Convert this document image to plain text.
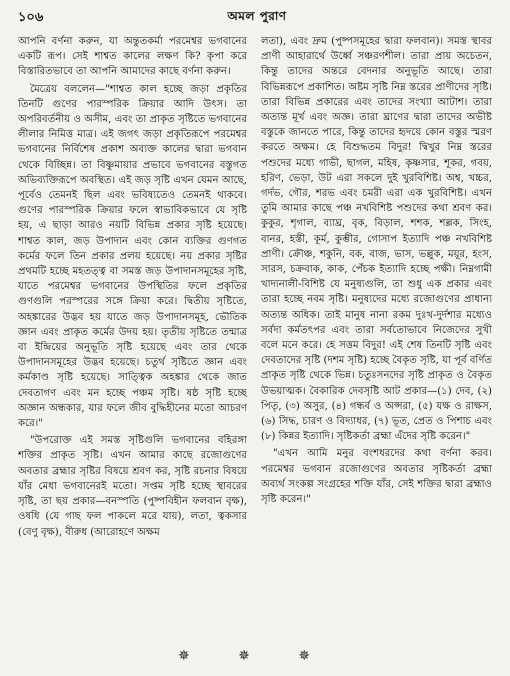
১০৬	অমল পুরাণ

আপনি বর্ণনা করুন, যা অন্তুতকর্মা পরমেশ্বর ভগবানের একটি রূপ। সেই শাশ্বত কালের লক্ষণ কি? কৃপা করে বিস্তারিতভাবে তা আপনি আমাদের কাছে বর্ণনা করুন।

মৈত্রেয় বললেন—"শাশ্বত কাল হচ্ছে জড়া প্রকৃতির তিনটি গুণের পারস্পরিক ক্রিয়ার আদি উৎস। তা অপরিবর্তনীয় ও অসীম, এবং তা প্রাকৃত সৃষ্টিতে ভগবানের লীলার নিমিত্ত মাত্র। এই জগৎ জড়া প্রকৃতিরূপে পরমেশ্বর ভগবানের নির্বিশেষ প্রকাশ অব্যক্ত কালের দ্বারা ভগবান থেকে বিচ্ছিন্ন। তা বিষ্ণুমায়ার প্রভাবে ভগবানের বস্তুগত অভিব্যক্তিরূপে অবস্থিত। এই জড় সৃষ্টি এখন যেমন আছে, পূর্বেও তেমনই ছিল এবং ভবিষ্যতেও তেমনই থাকবে। গুণের পারস্পরিক ক্রিয়ার ফলে স্বাভাবিকভাবে যে সৃষ্টি হয়, এ ছাড়া আরও নয়টি বিভিন্ন প্রকার সৃষ্টি হয়েছে। শাশ্বত কাল, জড় উপাদান এবং কোন ব্যক্তির গুণগত কর্মের ফলে তিন প্রকার প্রলয় হয়েছে। নয় প্রকার সৃষ্টির প্রথমটি হচ্ছে মহতত্ত্ব বা সমস্ত জড় উপাদানসমূহের সৃষ্টি, যাতে পরমেশ্বর ভগবানের উপস্থিতির ফলে প্রকৃতির গুণগুলি পরস্পরের সঙ্গে ক্রিয়া করে। দ্বিতীয় সৃষ্টিতে, অহঙ্কারের উদ্ভব হয় যাতে জড় উপাদানসমূহ, ভৌতিক জ্ঞান এবং প্রাকৃত কর্মের উদয় হয়। তৃতীয় সৃষ্টিতে তন্মাত্র বা ইন্দ্রিয়ের অনুভূতি সৃষ্টি হয়েছে এবং তার থেকে উপাদানসমূহের উদ্ভব হয়েছে। চতুর্থ সৃষ্টিতে জ্ঞান এবং কর্মকাণ্ড সৃষ্টি হয়েছে। সাত্ত্বিক অহঙ্কার থেকে জাত দেবতাগণ এবং মন হচ্ছে পঞ্চম সৃষ্টি। ষষ্ঠ সৃষ্টি হচ্ছে অজ্ঞান অন্ধকার, যার ফলে জীব বুদ্ধিহীনের মতো আচরণ করে।"

"উপরোক্ত এই সমস্ত সৃষ্টিগুলি ভগবানের বহিরঙ্গা শক্তির প্রাকৃত সৃষ্টি। এখন আমার কাছে রজোগুণের অবতার ব্রহ্মার সৃষ্টির বিষয়ে শ্রবণ কর, সৃষ্টি রচনার বিষয়ে যাঁর মেধা ভগবানেরই মতো। সপ্তম সৃষ্টি হচ্ছে স্থাবরের সৃষ্টি, তা ছয় প্রকার—বনস্পতি (পুষ্পবিহীন ফলবান বৃক্ষ), ওষধি (যে গাছ ফল পাকলে মরে যায়), লতা, ত্বকসার (বেণু বৃক্ষ), বীরুধ (আরোহণে অক্ষম

লতা), এবং দ্রুম (পুষ্পসমূহের দ্বারা ফলবান)। সমস্ত স্থাবর প্রাণী আহারার্থে উর্ধ্বে সঞ্চরণশীল। তারা প্রায় অচেতন, কিন্তু তাদের অন্তরে বেদনার অনুভূতি আছে। তারা বিভিন্নরূপে প্রকাশিত। অষ্টম সৃষ্টি নিম্ন স্তরের প্রাণীদের সৃষ্টি। তারা বিভিন্ন প্রকারের এবং তাদের সংখ্যা আটাশ। তারা অত্যন্ত মূর্খ এবং অজ্ঞ। তারা ঘ্রাণের দ্বারা তাদের অভীষ্ট বস্তুকে জানতে পারে, কিন্তু তাদের হৃদয়ে কোন বস্তুর স্মরণ করতে অক্ষম। হে বিশুদ্ধতম বিদুর! দ্বিখুর নিম্ন স্তরের পশুদের মধ্যে গাভী, ছাগল, মহিষ, কৃষ্ণসার, শূকর, গবয়, হরিণ, ভেড়া, উট এরা সকলে দুই খুরবিশিষ্ট। অশ্ব, খচ্চর, গর্দভ, গৌর, শরভ এবং চমরী এরা এক খুরবিশিষ্ট। এখন তুমি আমার কাছে পঞ্চ নখবিশিষ্ট পশুদের কথা শ্রবণ কর। কুকুর, শৃগাল, ব্যাঘ্র, বৃক, বিড়াল, শশক, শল্লক, সিংহ, বানর, হস্তী, কূর্ম, কুম্ভীর, গোসাপ ইত্যাদি পঞ্চ নখবিশিষ্ট প্রাণী। ক্রৌঞ্চ, শকুনি, বক, বাজ, ভাস, ভল্লুক, ময়ূর, হংস, সারস, চক্রবাক, কাক, পেঁচক ইত্যাদি হচ্ছে পক্ষী। নিম্নগামী খাদ্যনালী-বিশিষ্ট যে মনুষ্যগুলি, তা শুধু এক প্রকার এবং তারা হচ্ছে নবম সৃষ্টি। মনুষ্যদের মধ্যে রজোগুণের প্রাধান্য অত্যন্ত অধিক। তাই মানুষ নানা রকম দুঃখ-দুর্দশার মধ্যেও সর্বদা কর্মতৎপর এবং তারা সর্বতোভাবে নিজেদের সুখী বলে মনে করে। হে সত্তম বিদুর! এই শেষ তিনটি সৃষ্টি এবং দেবতাদের সৃষ্টি (দশম সৃষ্টি) হচ্ছে বৈকৃত সৃষ্টি, যা পূর্ব বর্ণিত প্রাকৃত সৃষ্টি থেকে ভিন্ন। চতুঃসনদের সৃষ্টি প্রাকৃত ও বৈকৃত উভয়াত্মক। বৈকারিক দেবসৃষ্টি আট প্রকার—(১) দেব, (২) পিতৃ, (৩) অসুর, (৪) গন্ধর্ব ও অপ্সরা, (৫) যক্ষ ও রাক্ষস, (৬) সিদ্ধ, চারণ ও বিদ্যাধর, (৭) ভূত, প্রেত ও পিশাচ এবং (৮) কিন্নর ইত্যাদি। সৃষ্টিকর্তা ব্রহ্মা এঁদের সৃষ্টি করেন।"

"এখন আমি মনুর বংশধরদের কথা বর্ণনা করব। পরমেশ্বর ভগবান রজোগুণের অবতার সৃষ্টিকর্তা ব্রহ্মা অব্যর্থ সংকল্প সংগ্রহের শক্তি যাঁর, সেই শক্তির দ্বারা ব্রহ্মাও সৃষ্টি করেন।"

✵ ✵ ✵
